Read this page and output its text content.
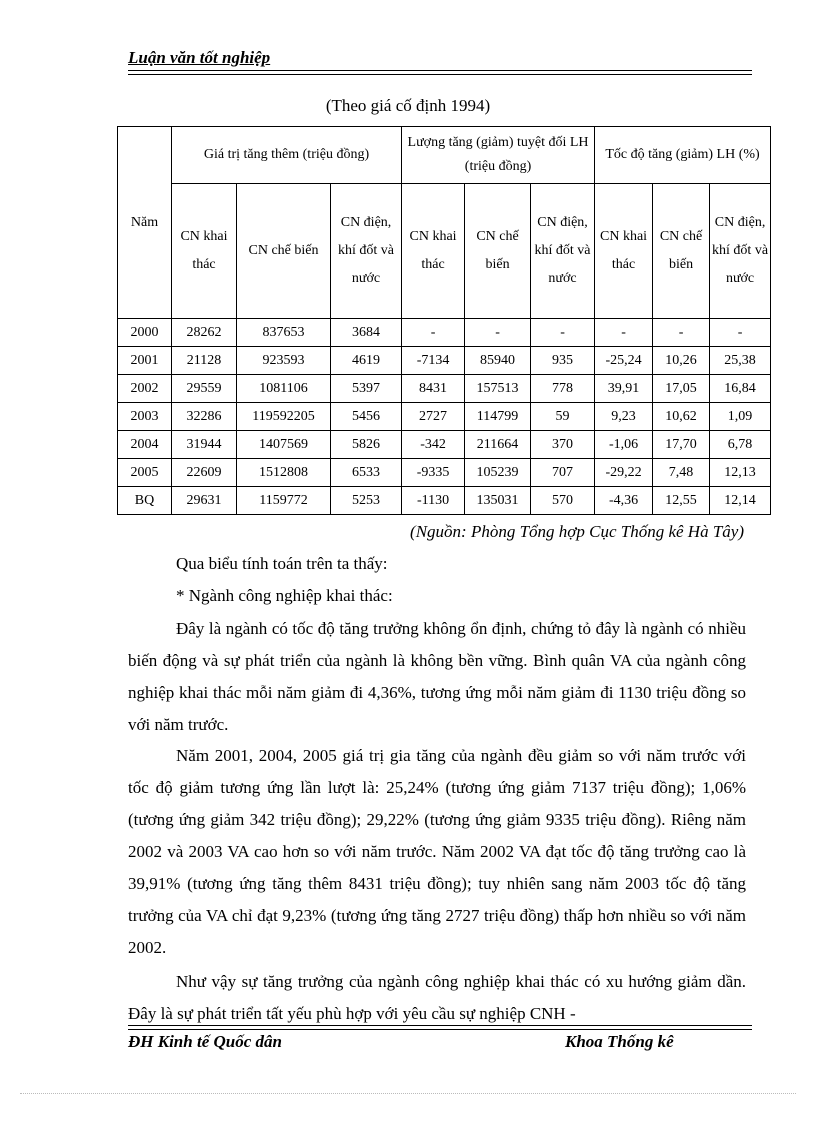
Luận văn tốt nghiệp
(Theo giá cố định 1994)
Năm	Giá trị tăng thêm (triệu đồng)			Lượng tăng (giảm) tuyệt đối LH (triệu đồng)			Tốc độ tăng (giảm) LH (%)		
	CN khai thác	CN chế biến	CN điện, khí đốt và nước	CN khai thác	CN chế biến	CN điện, khí đốt và nước	CN khai thác	CN chế biến	CN điện, khí đốt và nước
2000	28262	837653	3684	-	-	-	-	-	-
2001	21128	923593	4619	-7134	85940	935	-25,24	10,26	25,38
2002	29559	1081106	5397	8431	157513	778	39,91	17,05	16,84
2003	32286	119592205	5456	2727	114799	59	9,23	10,62	1,09
2004	31944	1407569	5826	-342	211664	370	-1,06	17,70	6,78
2005	22609	1512808	6533	-9335	105239	707	-29,22	7,48	12,13
BQ	29631	1159772	5253	-1130	135031	570	-4,36	12,55	12,14
(Nguồn: Phòng Tổng hợp Cục Thống kê Hà Tây)
Qua biểu tính toán trên ta thấy:
* Ngành công nghiệp khai thác:
Đây là ngành có tốc độ tăng trưởng không ổn định, chứng tỏ đây là ngành có nhiều biến động và sự phát triển của ngành là không bền vững. Bình quân VA của ngành công nghiệp khai thác mỗi năm giảm đi 4,36%, tương ứng mỗi năm giảm đi 1130 triệu đồng so với năm trước.
Năm 2001, 2004, 2005 giá trị gia tăng của ngành đều giảm so với năm trước với tốc độ giảm tương ứng lần lượt là: 25,24% (tương ứng giảm 7137 triệu đồng); 1,06% (tương ứng giảm 342 triệu đồng); 29,22% (tương ứng giảm 9335 triệu đồng). Riêng năm 2002 và 2003 VA cao hơn so với năm trước. Năm 2002 VA đạt tốc độ tăng trưởng cao là 39,91% (tương ứng tăng thêm 8431 triệu đồng); tuy nhiên sang năm 2003 tốc độ tăng trưởng của VA chỉ đạt 9,23% (tương ứng tăng 2727 triệu đồng) thấp hơn nhiều so với năm 2002.
Như vậy sự tăng trưởng của ngành công nghiệp khai thác có xu hướng giảm dần. Đây là sự phát triển tất yếu phù hợp với yêu cầu sự nghiệp CNH -
ĐH Kinh tế Quốc dân	Khoa Thống kê
